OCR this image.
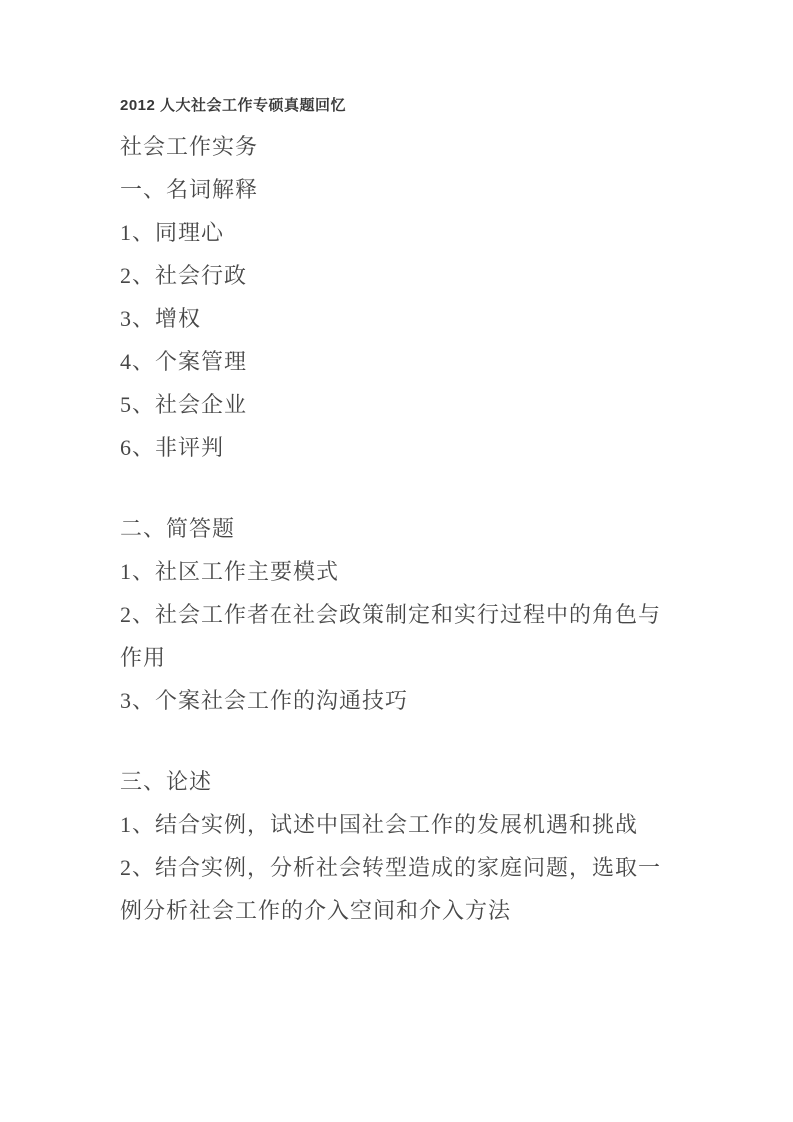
2012 人大社会工作专硕真题回忆
社会工作实务
一、名词解释
1、同理心
2、社会行政
3、增权
4、个案管理
5、社会企业
6、非评判
二、简答题
1、社区工作主要模式
2、社会工作者在社会政策制定和实行过程中的角色与作用
3、个案社会工作的沟通技巧
三、论述
1、结合实例，试述中国社会工作的发展机遇和挑战
2、结合实例，分析社会转型造成的家庭问题，选取一例分析社会工作的介入空间和介入方法
